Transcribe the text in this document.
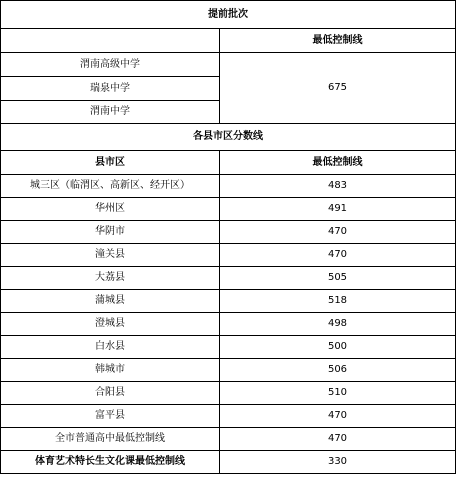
提前批次	
	最低控制线
渭南高级中学	675
瑞泉中学	
渭南中学	
各县市区分数线	
县市区	最低控制线
城三区（临渭区、高新区、经开区）	483
华州区	491
华阴市	470
潼关县	470
大荔县	505
蒲城县	518
澄城县	498
白水县	500
韩城市	506
合阳县	510
富平县	470
全市普通高中最低控制线	470
体育艺术特长生文化课最低控制线	330
